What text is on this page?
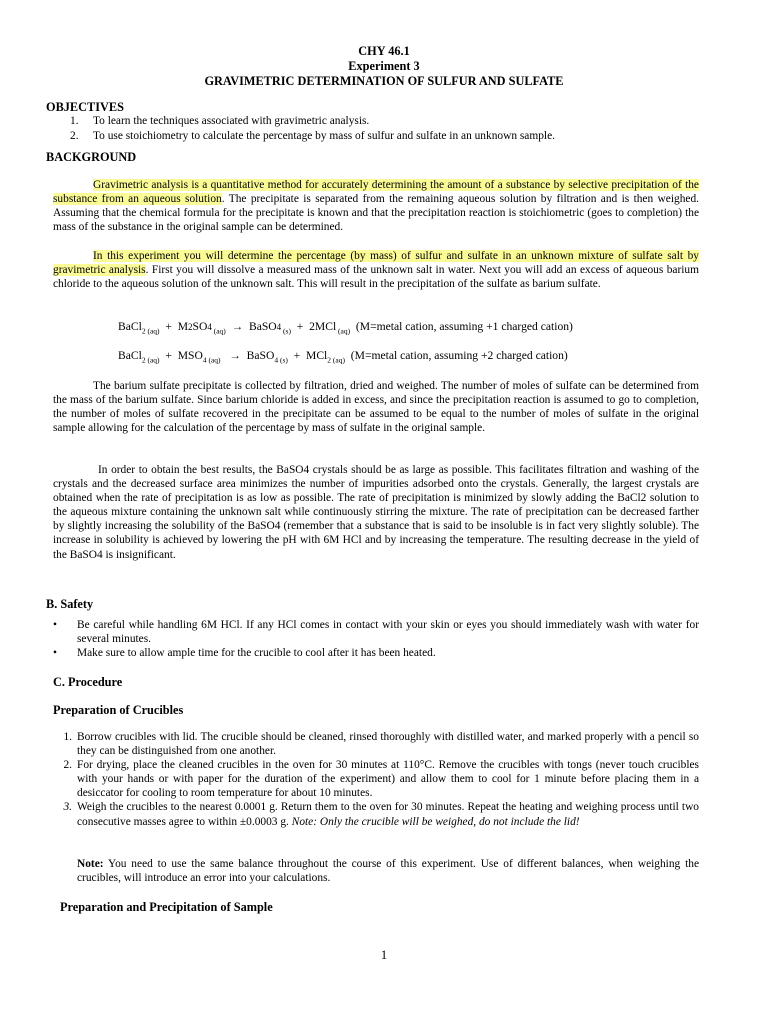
CHY 46.1
Experiment 3
GRAVIMETRIC DETERMINATION OF SULFUR AND SULFATE
OBJECTIVES
1.	To learn the techniques associated with gravimetric analysis.
2.	To use stoichiometry to calculate the percentage by mass of sulfur and sulfate in an unknown sample.
BACKGROUND

Gravimetric analysis is a quantitative method for accurately determining the amount of a substance by selective precipitation of the substance from an aqueous solution. The precipitate is separated from the remaining aqueous solution by filtration and is then weighed. Assuming that the chemical formula for the precipitate is known and that the precipitation reaction is stoichiometric (goes to completion) the mass of the substance in the original sample can be determined.

In this experiment you will determine the percentage (by mass) of sulfur and sulfate in an unknown mixture of sulfate salt by gravimetric analysis. First you will dissolve a measured mass of the unknown salt in water. Next you will add an excess of aqueous barium chloride to the aqueous solution of the unknown salt. This will result in the precipitation of the sulfate as barium sulfate.

BaCl$_2$ $_{(aq)}$ + M2SO4 $_{(aq)}$ → BaSO4 $_{(s)}$ + 2MCl $_{(aq)}$ (M=metal cation, assuming +1 charged cation)
BaCl$_2$ $_{(aq)} + MSO_4$ $_{(aq)}$ → BaSO$_4$ $_{(s)}$ + MCl$_2$ $_{(aq)}$ (M=metal cation, assuming +2 charged cation)

The barium sulfate precipitate is collected by filtration, dried and weighed. The number of moles of sulfate can be determined from the mass of the barium sulfate. Since barium chloride is added in excess, and since the precipitation reaction is assumed to go to completion, the number of moles of sulfate recovered in the precipitate can be assumed to be equal to the number of moles of sulfate in the original sample allowing for the calculation of the percentage by mass of sulfate in the original sample.

In order to obtain the best results, the BaSO4 crystals should be as large as possible. This facilitates filtration and washing of the crystals and the decreased surface area minimizes the number of impurities adsorbed onto the crystals. Generally, the largest crystals are obtained when the rate of precipitation is as low as possible. The rate of precipitation is minimized by slowly adding the BaCl2 solution to the aqueous mixture containing the unknown salt while continuously stirring the mixture. The rate of precipitation can be decreased farther by slightly increasing the solubility of the BaSO4 (remember that a substance that is said to be insoluble is in fact very slightly soluble). The increase in solubility is achieved by lowering the pH with 6M HCl and by increasing the temperature. The resulting decrease in the yield of the BaSO4 is insignificant.

B. Safety
•	Be careful while handling 6M HCl. If any HCl comes in contact with your skin or eyes you should immediately wash with water for several minutes.
•	Make sure to allow ample time for the crucible to cool after it has been heated.
C. Procedure
Preparation of Crucibles
1. Borrow crucibles with lid. The crucible should be cleaned, rinsed thoroughly with distilled water, and marked properly with a pencil so they can be distinguished from one another.
2. For drying, place the cleaned crucibles in the oven for 30 minutes at 110°C. Remove the crucibles with tongs (never touch crucibles with your hands or with paper for the duration of the experiment) and allow them to cool for 1 minute before placing them in a desiccator for cooling to room temperature for about 10 minutes.
3. Weigh the crucibles to the nearest 0.0001 g. Return them to the oven for 30 minutes. Repeat the heating and weighing process until two consecutive masses agree to within ±0.0003 g. Note: Only the crucible will be weighed, do not include the lid!
Note: You need to use the same balance throughout the course of this experiment. Use of different balances, when weighing the crucibles, will introduce an error into your calculations.
Preparation and Precipitation of Sample
1
